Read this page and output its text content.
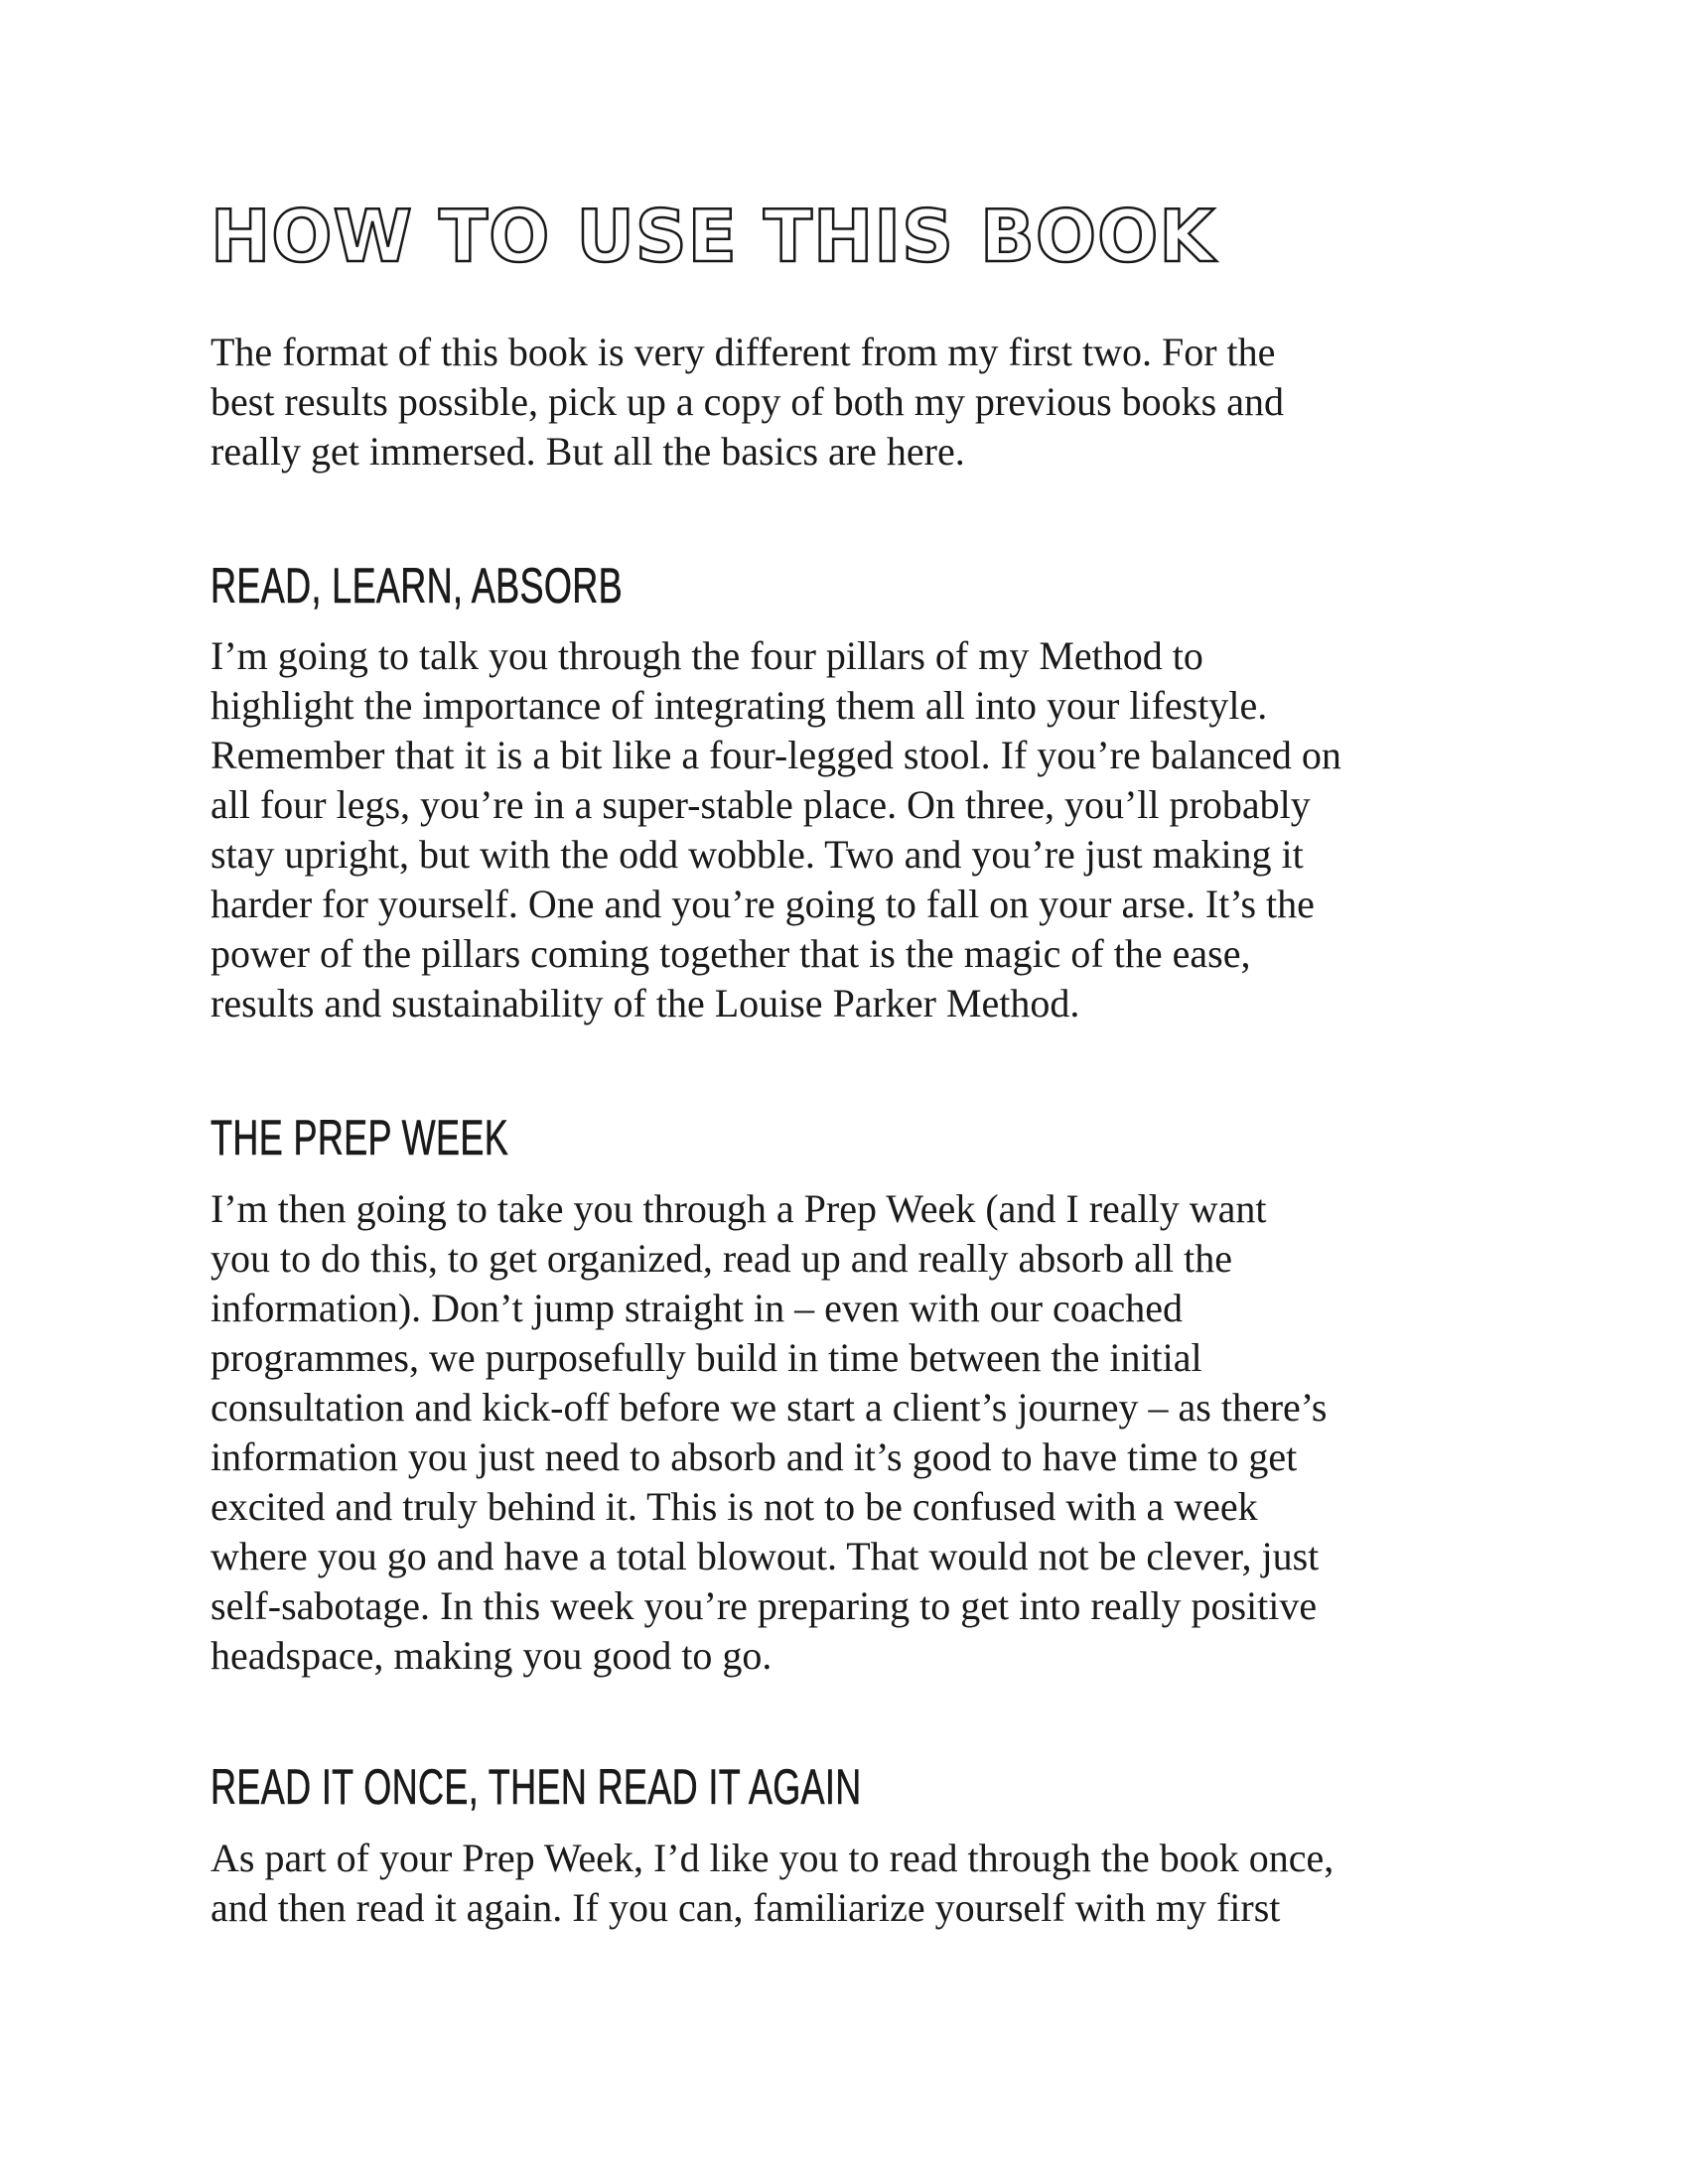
HOW TO USE THIS BOOK

The format of this book is very different from my first two. For the
best results possible, pick up a copy of both my previous books and
really get immersed. But all the basics are here.

READ, LEARN, ABSORB

I’m going to talk you through the four pillars of my Method to
highlight the importance of integrating them all into your lifestyle.
Remember that it is a bit like a four-legged stool. If you’re balanced on
all four legs, you’re in a super-stable place. On three, you’ll probably
stay upright, but with the odd wobble. Two and you’re just making it
harder for yourself. One and you’re going to fall on your arse. It’s the
power of the pillars coming together that is the magic of the ease,
results and sustainability of the Louise Parker Method.

THE PREP WEEK

I’m then going to take you through a Prep Week (and I really want
you to do this, to get organized, read up and really absorb all the
information). Don’t jump straight in – even with our coached
programmes, we purposefully build in time between the initial
consultation and kick-off before we start a client’s journey – as there’s
information you just need to absorb and it’s good to have time to get
excited and truly behind it. This is not to be confused with a week
where you go and have a total blowout. That would not be clever, just
self-sabotage. In this week you’re preparing to get into really positive
headspace, making you good to go.

READ IT ONCE, THEN READ IT AGAIN

As part of your Prep Week, I’d like you to read through the book once,
and then read it again. If you can, familiarize yourself with my first
